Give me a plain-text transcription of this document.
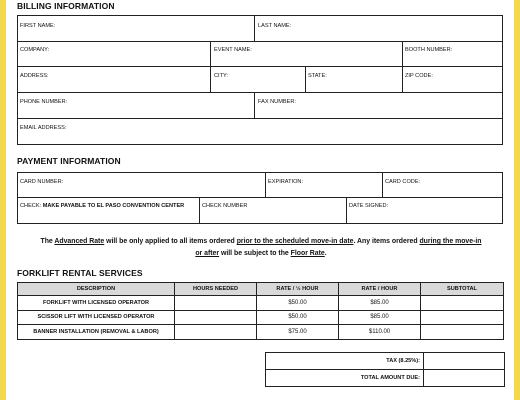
BILLING INFORMATION
FIRST NAME:	LAST NAME:
COMPANY:	EVENT NAME:	BOOTH NUMBER:
ADDRESS:	CITY:	STATE:	ZIP CODE:
PHONE NUMBER:	FAX NUMBER:
EMAIL ADDRESS:
PAYMENT INFORMATION
CARD NUMBER:	EXPIRATION:	CARD CODE:
CHECK: MAKE PAYABLE TO EL PASO CONVENTION CENTER	CHECK NUMBER	DATE SIGNED:
The Advanced Rate will be only applied to all items ordered prior to the scheduled move-in date. Any items ordered during the move-in
or after will be subject to the Floor Rate.
FORKLIFT RENTAL SERVICES
DESCRIPTION	HOURS NEEDED	RATE / ½ HOUR	RATE / HOUR	SUBTOTAL
FORKLIFT WITH LICENSED OPERATOR		$50.00	$85.00	
SCISSOR LIFT WITH LICENSED OPERATOR		$50.00	$85.00	
BANNER INSTALLATION (REMOVAL & LABOR)		$75.00	$110.00	
TAX (8.25%):	
TOTAL AMOUNT DUE:	
